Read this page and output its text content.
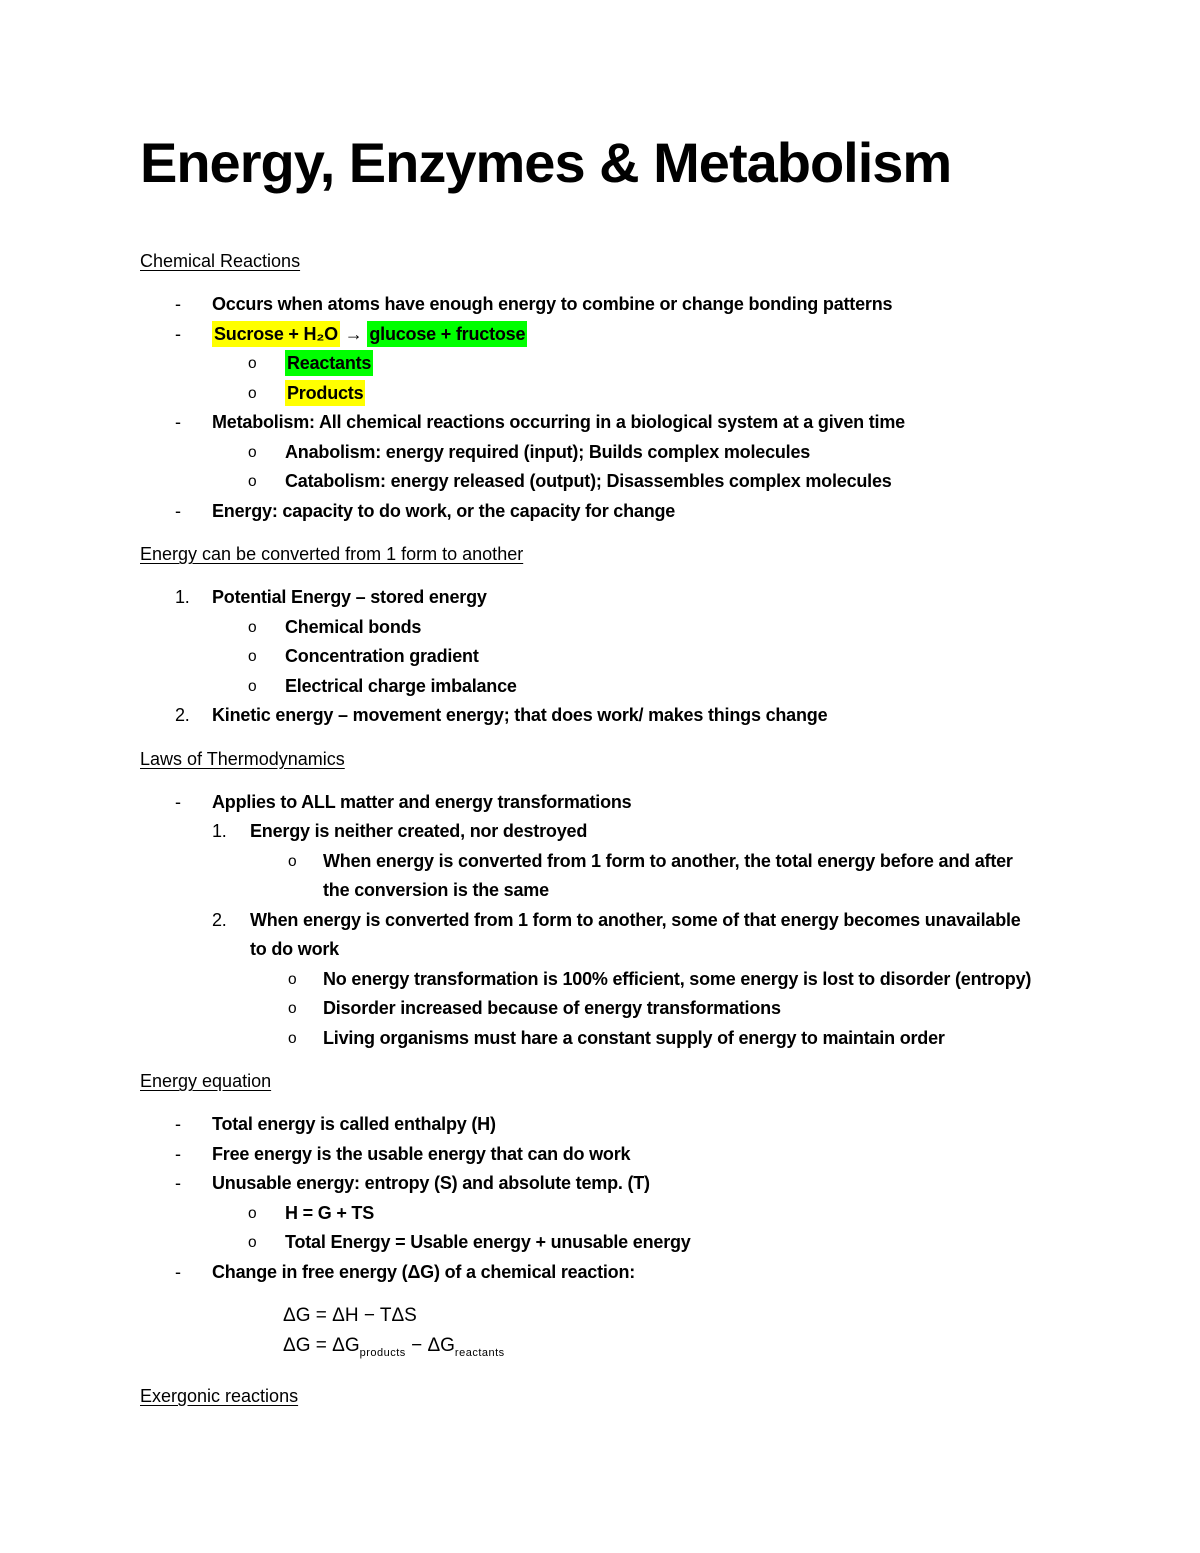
Energy, Enzymes & Metabolism
Chemical Reactions
-	Occurs when atoms have enough energy to combine or change bonding patterns
-	Sucrose + H₂O → glucose + fructose
o	Reactants
o	Products
-	Metabolism: All chemical reactions occurring in a biological system at a given time
o	Anabolism: energy required (input); Builds complex molecules
o	Catabolism: energy released (output); Disassembles complex molecules
-	Energy: capacity to do work, or the capacity for change
Energy can be converted from 1 form to another
1.	Potential Energy – stored energy
o	Chemical bonds
o	Concentration gradient
o	Electrical charge imbalance
2.	Kinetic energy – movement energy; that does work/ makes things change
Laws of Thermodynamics
-	Applies to ALL matter and energy transformations
1.	Energy is neither created, nor destroyed
o	When energy is converted from 1 form to another, the total energy before and after
the conversion is the same
2.	When energy is converted from 1 form to another, some of that energy becomes unavailable
to do work
o	No energy transformation is 100% efficient, some energy is lost to disorder (entropy)
o	Disorder increased because of energy transformations
o	Living organisms must hare a constant supply of energy to maintain order
Energy equation
-	Total energy is called enthalpy (H)
-	Free energy is the usable energy that can do work
-	Unusable energy: entropy (S) and absolute temp. (T)
o	H = G + TS
o	Total Energy = Usable energy + unusable energy
-	Change in free energy (ΔG) of a chemical reaction:
ΔG = ΔH − TΔS
$\Delta G = \Delta G_{products} - \Delta G_{reactants}$
Exergonic reactions
